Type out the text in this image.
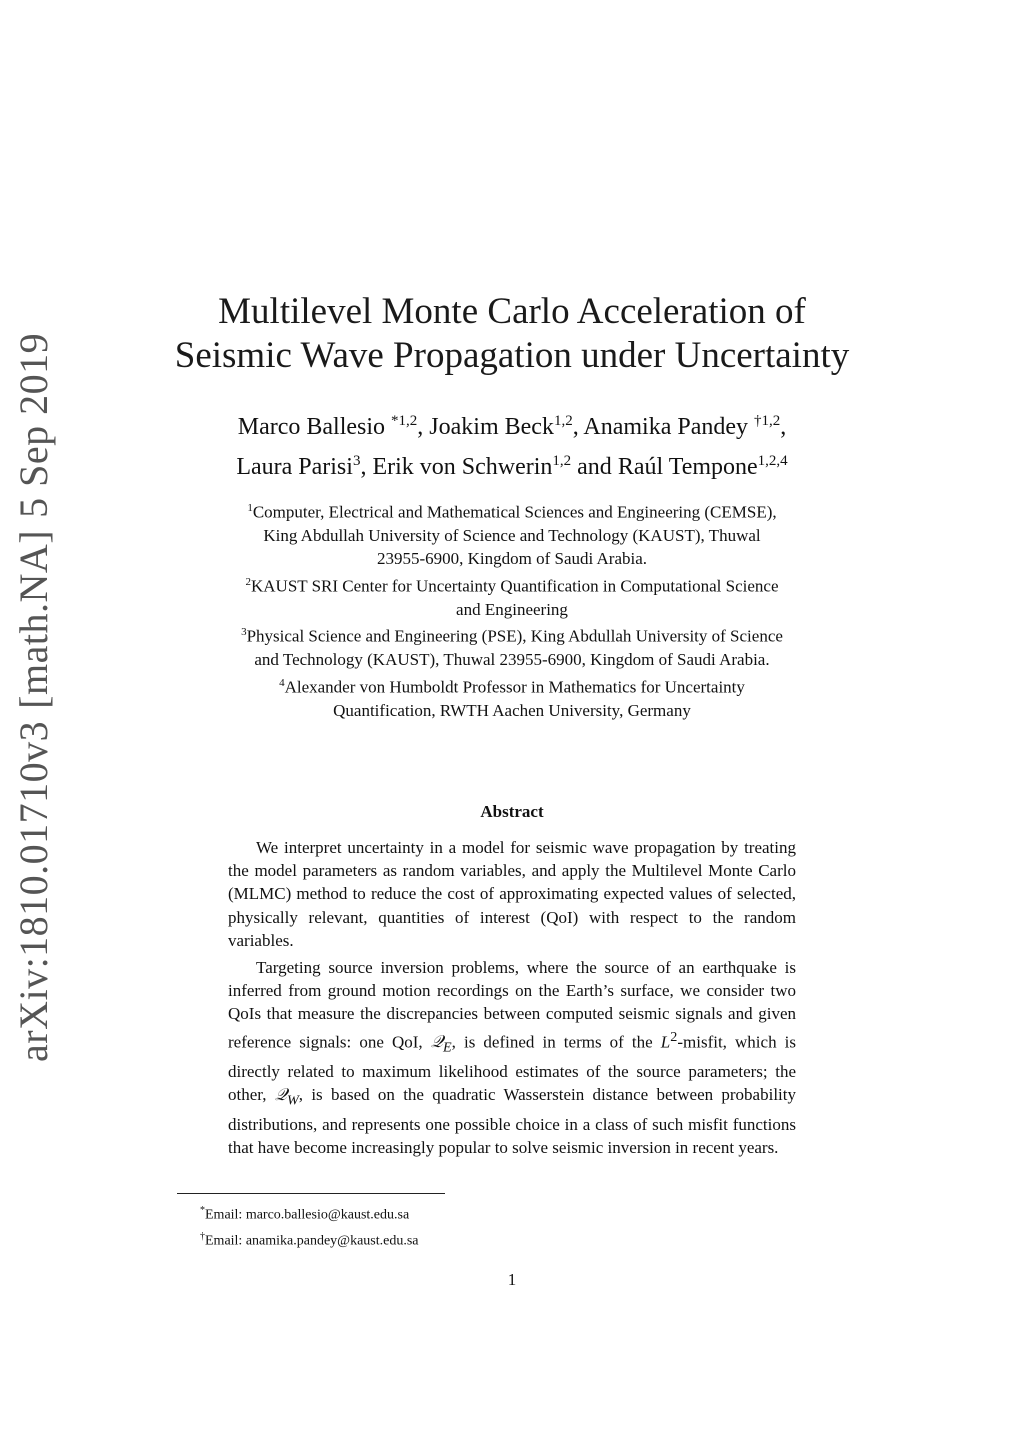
arXiv:1810.01710v3[math.NA]5 Sep 2019
Multilevel Monte Carlo Acceleration of
Seismic Wave Propagation under Uncertainty
Marco Ballesio $^{*1,2}$, Joakim Beck$^{1,2}$, Anamika Pandey $^{\dagger 1,2}$,
Laura Parisi$^3$, Erik von Schwerin$^{1,2}$ and Raúl Tempone$^{1,2,4}$
$^1$Computer, Electrical and Mathematical Sciences and Engineering (CEMSE),
King Abdullah University of Science and Technology (KAUST), Thuwal
23955-6900, Kingdom of Saudi Arabia.
$^2$KAUST SRI Center for Uncertainty Quantification in Computational Science
and Engineering
$^3$Physical Science and Engineering (PSE), King Abdullah University of Science
and Technology (KAUST), Thuwal 23955-6900, Kingdom of Saudi Arabia.
$^4$Alexander von Humboldt Professor in Mathematics for Uncertainty
Quantification, RWTH Aachen University, Germany
Abstract

We interpret uncertainty in a model for seismic wave propagation by treating the model parameters as random variables, and apply the Multilevel Monte Carlo (MLMC) method to reduce the cost of approximating expected values of selected, physically relevant, quantities of interest (QoI) with respect to the random variables.

Targeting source inversion problems, where the source of an earthquake is inferred from ground motion recordings on the Earth’s surface, we consider two QoIs that measure the discrepancies between computed seismic signals and given reference signals: one QoI, 𝒬$_E$, is defined in terms of the $L^2$-misfit, which is directly related to maximum likelihood estimates of the source parameters; the other, 𝒬$_W$, is based on the quadratic Wasserstein distance between probability distributions, and represents one possible choice in a class of such misfit functions that have become increasingly popular to solve seismic inversion in recent years.

*Email: marco.ballesio@kaust.edu.sa
†Email: anamika.pandey@kaust.edu.sa
1
